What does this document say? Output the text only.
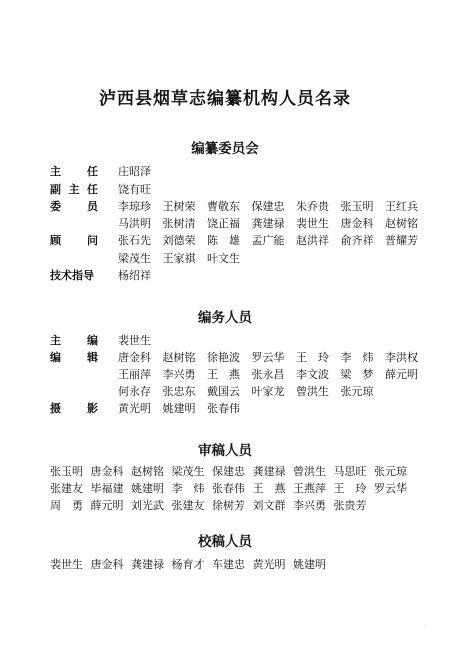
泸西县烟草志编纂机构人员名录
编纂委员会
编务人员
审稿人员
校稿人员
主 任 庄昭泽
副 主 任 饶有旺
委 员 李琼珍 王树荣 曹敬东 保建忠 朱乔贵 张玉明 王红兵
马洪明 张树清 饶正福 龚建禄 裴世生 唐金科 赵树铭
顾 问 张石先 刘德荣 陈　雄 孟广能 赵洪祥 俞齐祥 普耀芳
梁茂生 王家祺 叶文生
技术指导 杨绍祥
主 编 裴世生
编 辑 唐金科 赵树铭 徐艳波 罗云华 王　玲 李　炜 李洪权
王丽萍 李兴勇 王　燕 张永昌 李文波 梁　梦 薛元明
何永存 张忠东 戴国云 叶家龙 曾洪生 张元琼
摄 影 黄光明 姚建明 张春伟
张玉明 唐金科 赵树铭 梁茂生 保建忠 龚建禄 曾洪生 马思旺 张元琼
张建友 毕福建 姚建明 李　炜 张春伟 王　燕 王燕萍 王　玲 罗云华
周　勇 薛元明 刘光武 张建友 徐树芳 刘文群 李兴勇 张贵芳
裴世生 唐金科 龚建禄 杨育才 车建忠 黄光明 姚建明
·
